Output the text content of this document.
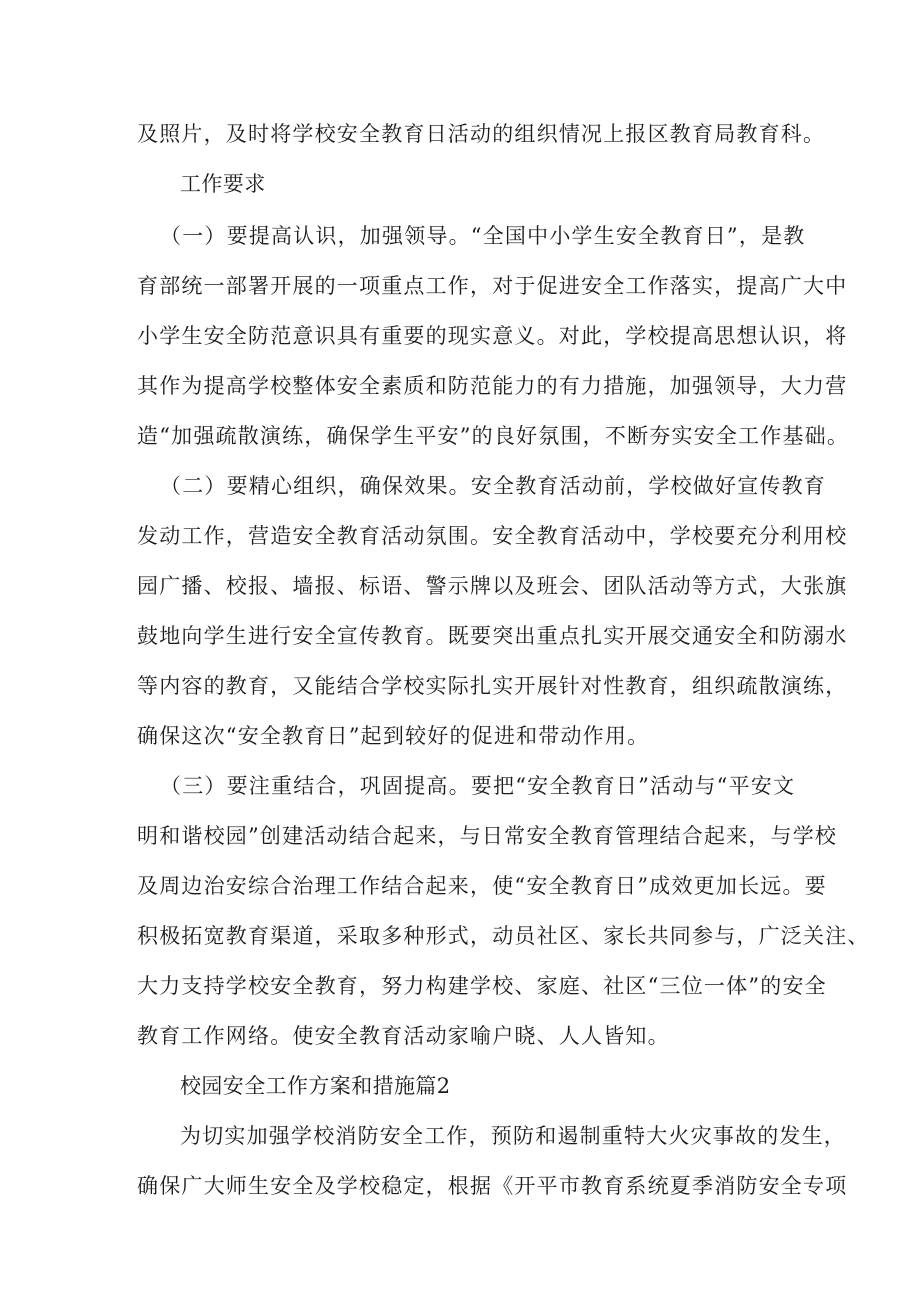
及照片，及时将学校安全教育日活动的组织情况上报区教育局教育科。

工作要求

（一）要提高认识，加强领导。“全国中小学生安全教育日”，是教

育部统一部署开展的一项重点工作，对于促进安全工作落实，提高广大中

小学生安全防范意识具有重要的现实意义。对此，学校提高思想认识，将

其作为提高学校整体安全素质和防范能力的有力措施，加强领导，大力营

造“加强疏散演练，确保学生平安”的良好氛围，不断夯实安全工作基础。

（二）要精心组织，确保效果。安全教育活动前，学校做好宣传教育

发动工作，营造安全教育活动氛围。安全教育活动中，学校要充分利用校

园广播、校报、墙报、标语、警示牌以及班会、团队活动等方式，大张旗

鼓地向学生进行安全宣传教育。既要突出重点扎实开展交通安全和防溺水

等内容的教育，又能结合学校实际扎实开展针对性教育，组织疏散演练，

确保这次“安全教育日”起到较好的促进和带动作用。

（三）要注重结合，巩固提高。要把“安全教育日”活动与“平安文

明和谐校园”创建活动结合起来，与日常安全教育管理结合起来，与学校

及周边治安综合治理工作结合起来，使“安全教育日”成效更加长远。要

积极拓宽教育渠道，采取多种形式，动员社区、家长共同参与，广泛关注、

大力支持学校安全教育，努力构建学校、家庭、社区“三位一体”的安全

教育工作网络。使安全教育活动家喻户晓、人人皆知。

校园安全工作方案和措施篇2

为切实加强学校消防安全工作，预防和遏制重特大火灾事故的发生，

确保广大师生安全及学校稳定，根据《开平市教育系统夏季消防安全专项
